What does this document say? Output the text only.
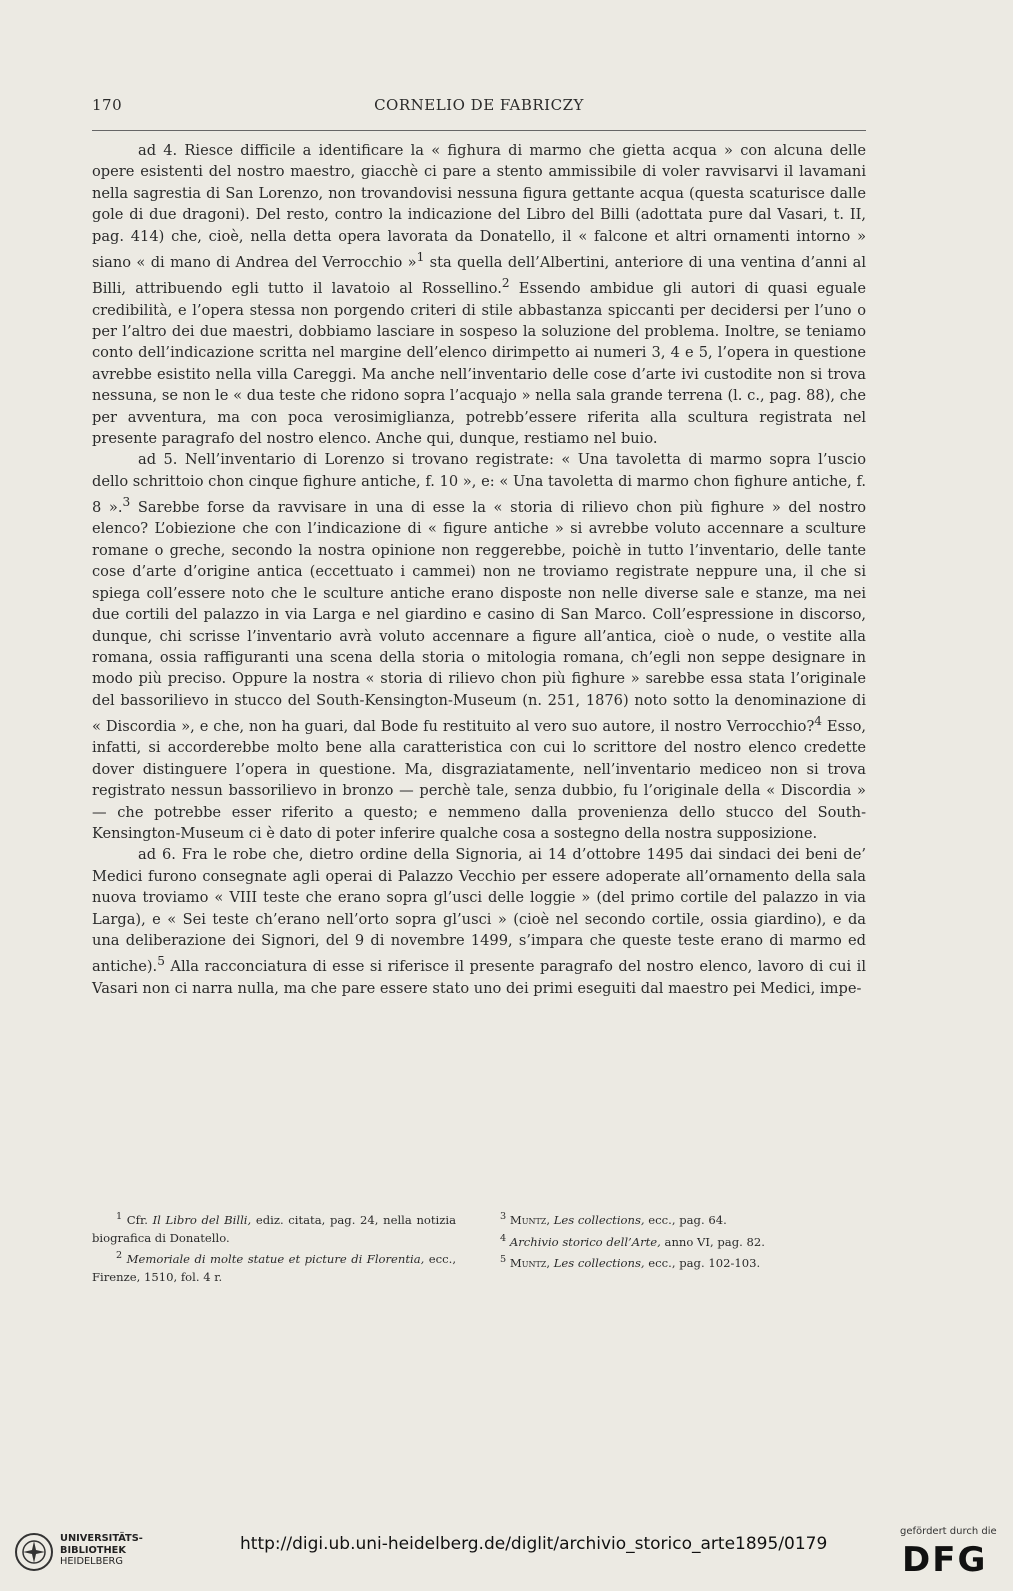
170	CORNELIO DE FABRICZY

ad 4. Riesce difficile a identificare la « fighura di marmo che gietta acqua » con alcuna delle opere esistenti del nostro maestro, giacchè ci pare a stento ammissibile di voler ravvisarvi il lavamani nella sagrestia di San Lorenzo, non trovandovisi nessuna figura gettante acqua (questa scaturisce dalle gole di due dragoni). Del resto, contro la indicazione del Libro del Billi (adottata pure dal Vasari, t. II, pag. 414) che, cioè, nella detta opera lavorata da Donatello, il « falcone et altri ornamenti intorno » siano « di mano di Andrea del Verrocchio »$^1$ sta quella dell’Albertini, anteriore di una ventina d’anni al Billi, attribuendo egli tutto il lavatoio al Rossellino.$^2$ Essendo ambidue gli autori di quasi eguale credibilità, e l’opera stessa non porgendo criteri di stile abbastanza spiccanti per decidersi per l’uno o per l’altro dei due maestri, dobbiamo lasciare in sospeso la soluzione del problema. Inoltre, se teniamo conto dell’indicazione scritta nel margine dell’elenco dirimpetto ai numeri 3, 4 e 5, l’opera in questione avrebbe esistito nella villa Careggi. Ma anche nell’inventario delle cose d’arte ivi custodite non si trova nessuna, se non le « dua teste che ridono sopra l’acquajo » nella sala grande terrena (l. c., pag. 88), che per avventura, ma con poca verosimiglianza, potrebb’essere riferita alla scultura registrata nel presente paragrafo del nostro elenco. Anche qui, dunque, restiamo nel buio.

ad 5. Nell’inventario di Lorenzo si trovano registrate: « Una tavoletta di marmo sopra l’uscio dello schrittoio chon cinque fighure antiche, f. 10 », e: « Una tavoletta di marmo chon fighure antiche, f. 8 ».$^3$ Sarebbe forse da ravvisare in una di esse la « storia di rilievo chon più fighure » del nostro elenco? L’obiezione che con l’indicazione di « figure antiche » si avrebbe voluto accennare a sculture romane o greche, secondo la nostra opinione non reggerebbe, poichè in tutto l’inventario, delle tante cose d’arte d’origine antica (eccettuato i cammei) non ne troviamo registrate neppure una, il che si spiega coll’essere noto che le sculture antiche erano disposte non nelle diverse sale e stanze, ma nei due cortili del palazzo in via Larga e nel giardino e casino di San Marco. Coll’espressione in discorso, dunque, chi scrisse l’inventario avrà voluto accennare a figure all’antica, cioè o nude, o vestite alla romana, ossia raffiguranti una scena della storia o mitologia romana, ch’egli non seppe designare in modo più preciso. Oppure la nostra « storia di rilievo chon più fighure » sarebbe essa stata l’originale del bassorilievo in stucco del South-Kensington-Museum (n. 251, 1876) noto sotto la denominazione di « Discordia », e che, non ha guari, dal Bode fu restituito al vero suo autore, il nostro Verrocchio?$^4$ Esso, infatti, si accorderebbe molto bene alla caratteristica con cui lo scrittore del nostro elenco credette dover distinguere l’opera in questione. Ma, disgraziatamente, nell’inventario mediceo non si trova registrato nessun bassorilievo in bronzo — perchè tale, senza dubbio, fu l’originale della « Discordia » — che potrebbe esser riferito a questo; e nemmeno dalla provenienza dello stucco del South-Kensington-Museum ci è dato di poter inferire qualche cosa a sostegno della nostra supposizione.

ad 6. Fra le robe che, dietro ordine della Signoria, ai 14 d’ottobre 1495 dai sindaci dei beni de’ Medici furono consegnate agli operai di Palazzo Vecchio per essere adoperate all’ornamento della sala nuova troviamo « VIII teste che erano sopra gl’usci delle loggie » (del primo cortile del palazzo in via Larga), e « Sei teste ch’erano nell’orto sopra gl’usci » (cioè nel secondo cortile, ossia giardino), e da una deliberazione dei Signori, del 9 di novembre 1499, s’impara che queste teste erano di marmo ed antiche).$^5$ Alla racconciatura di esse si riferisce il presente paragrafo del nostro elenco, lavoro di cui il Vasari non ci narra nulla, ma che pare essere stato uno dei primi eseguiti dal maestro pei Medici, impe-

$^1$ Cfr. Il Libro del Billi, ediz. citata, pag. 24, nella notizia biografica di Donatello.

$^2$ Memoriale di molte statue et picture di Florentia, ecc., Firenze, 1510, fol. 4 r.

$^3$ Muntz, Les collections, ecc., pag. 64.

$^4$ Archivio storico dell’Arte, anno VI, pag. 82.

$^5$ Muntz, Les collections, ecc., pag. 102-103.

UNIVERSITÄTS-
BIBLIOTHEK
HEIDELBERG
http://digi.ub.uni-heidelberg.de/diglit/archivio_storico_arte1895/0179
gefördert durch die
DFG
